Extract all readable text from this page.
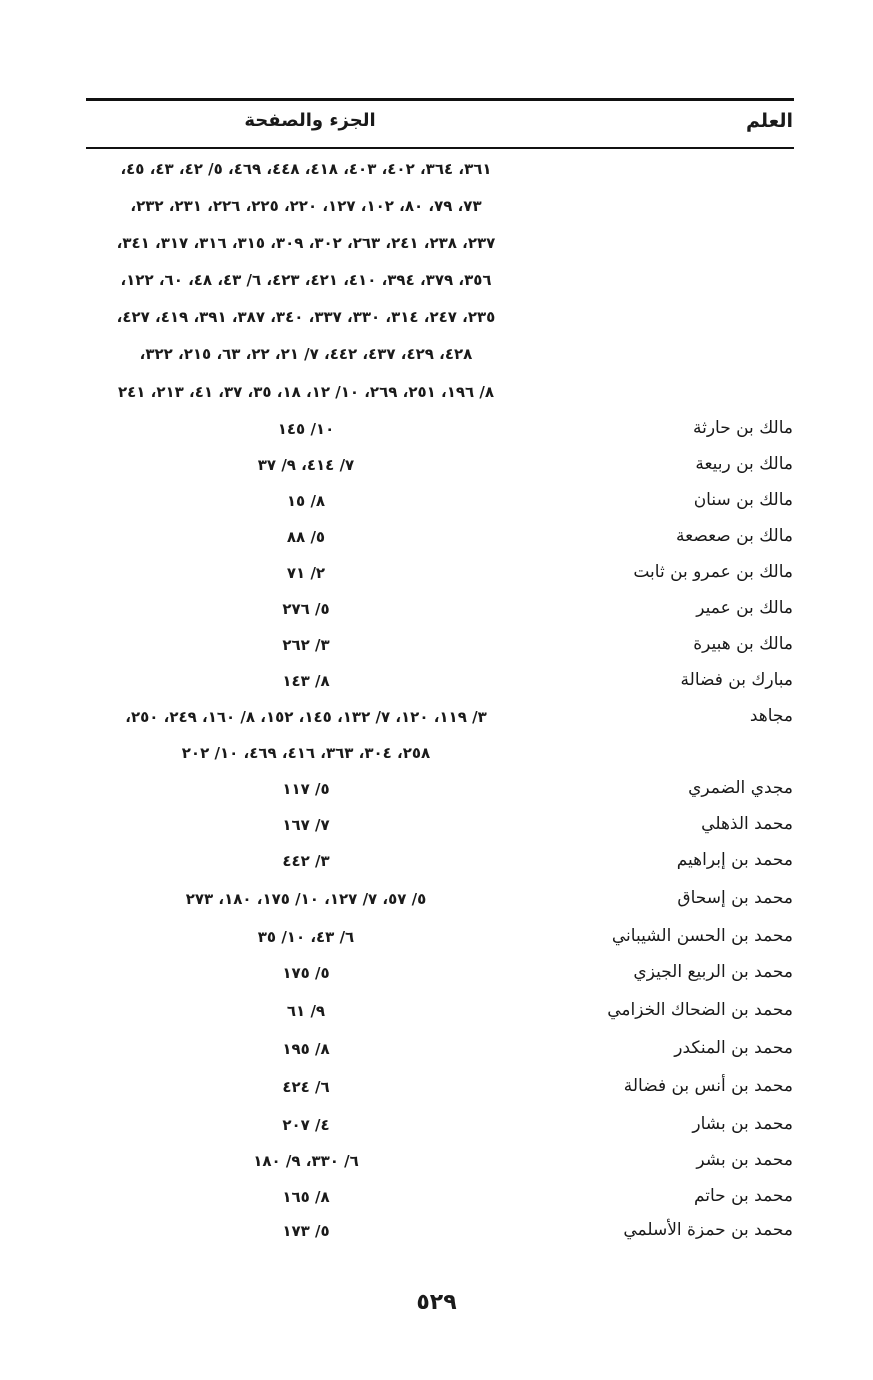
العلم
الجزء والصفحة
٣٦١، ٣٦٤، ٤٠٢، ٤٠٣، ٤١٨، ٤٤٨، ٤٦٩، ٥/ ٤٢، ٤٣، ٤٥،
٧٣، ٧٩، ٨٠، ١٠٢، ١٢٧، ٢٢٠، ٢٢٥، ٢٢٦، ٢٣١، ٢٣٢،
٢٣٧، ٢٣٨، ٢٤١، ٢٦٣، ٣٠٢، ٣٠٩، ٣١٥، ٣١٦، ٣١٧، ٣٤١،
٣٥٦، ٣٧٩، ٣٩٤، ٤١٠، ٤٢١، ٤٢٣، ٦/ ٤٣، ٤٨، ٦٠، ١٢٢،
٢٣٥، ٢٤٧، ٣١٤، ٣٣٠، ٣٣٧، ٣٤٠، ٣٨٧، ٣٩١، ٤١٩، ٤٢٧،
٤٢٨، ٤٢٩، ٤٣٧، ٤٤٢، ٧/ ٢١، ٢٢، ٦٣، ٢١٥، ٣٢٢،
٨/ ١٩٦، ٢٥١، ٢٦٩، ١٠/ ١٢، ١٨، ٣٥، ٣٧، ٤١، ٢١٣، ٢٤١
مالك بن حارثة
١٠/ ١٤٥
مالك بن ربيعة
٧/ ٤١٤، ٩/ ٣٧
مالك بن سنان
٨/ ١٥
مالك بن صعصعة
٥/ ٨٨
مالك بن عمرو بن ثابت
٢/ ٧١
مالك بن عمير
٥/ ٢٧٦
مالك بن هبيرة
٣/ ٢٦٢
مبارك بن فضالة
٨/ ١٤٣
مجاهد
٣/ ١١٩، ١٢٠، ٧/ ١٣٢، ١٤٥، ١٥٢، ٨/ ١٦٠، ٢٤٩، ٢٥٠،
٢٥٨، ٣٠٤، ٣٦٣، ٤١٦، ٤٦٩، ١٠/ ٢٠٢
مجدي الضمري
٥/ ١١٧
محمد الذهلي
٧/ ١٦٧
محمد بن إبراهيم
٣/ ٤٤٢
محمد بن إسحاق
٥/ ٥٧، ٧/ ١٢٧، ١٠/ ١٧٥، ١٨٠، ٢٧٣
محمد بن الحسن الشيباني
٦/ ٤٣، ١٠/ ٣٥
محمد بن الربيع الجيزي
٥/ ١٧٥
محمد بن الضحاك الخزامي
٩/ ٦١
محمد بن المنكدر
٨/ ١٩٥
محمد بن أنس بن فضالة
٦/ ٤٢٤
محمد بن بشار
٤/ ٢٠٧
محمد بن بشر
٦/ ٣٣٠، ٩/ ١٨٠
محمد بن حاتم
٨/ ١٦٥
محمد بن حمزة الأسلمي
٥/ ١٧٣
٥٢٩
